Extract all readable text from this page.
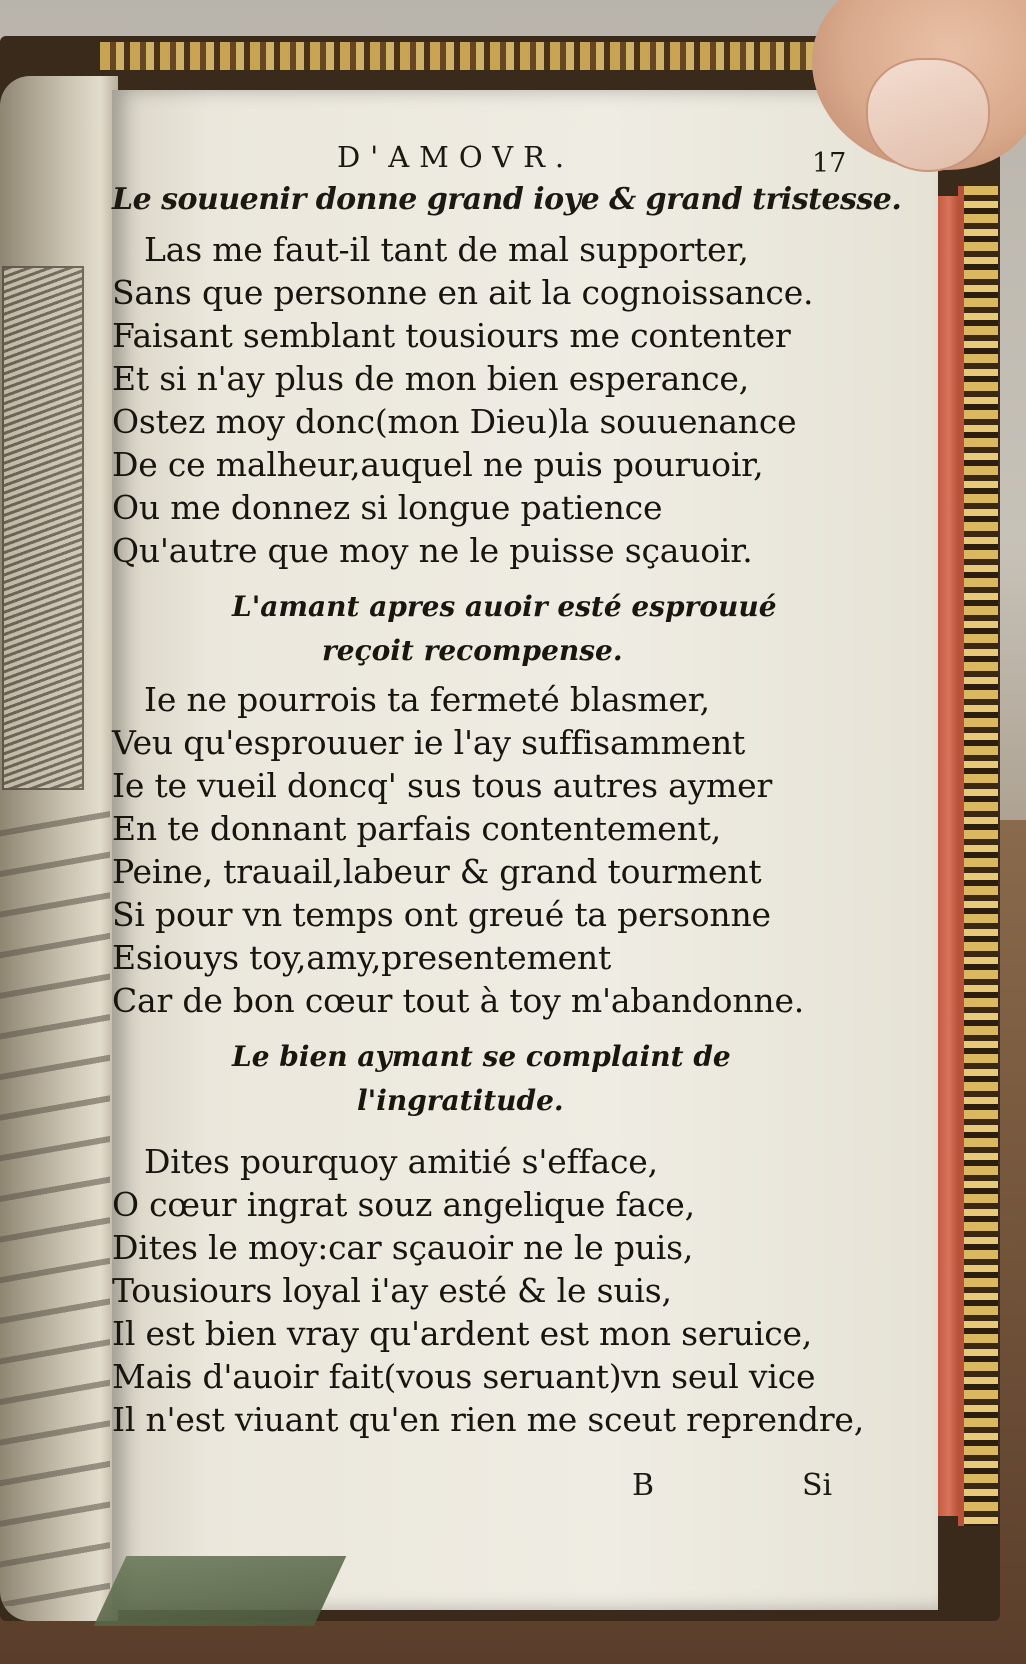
D'AMOVR.	17
Le souuenir donne grand ioye & grand tristesse.
Las me faut-il tant de mal supporter,
Sans que personne en ait la cognoissance.
Faisant semblant tousiours me contenter
Et si n'ay plus de mon bien esperance,
Ostez moy donc(mon Dieu)la souuenance
De ce malheur,auquel ne puis pouruoir,
Ou me donnez si longue patience
Qu'autre que moy ne le puisse sçauoir.
L'amant apres auoir esté esprouué
reçoit recompense.
Ie ne pourrois ta fermeté blasmer,
Veu qu'esprouuer ie l'ay suffisamment
Ie te vueil doncq' sus tous autres aymer
En te donnant parfais contentement,
Peine, trauail,labeur & grand tourment
Si pour vn temps ont greué ta personne
Esiouys toy,amy,presentement
Car de bon cœur tout à toy m'abandonne.
Le bien aymant se complaint de
l'ingratitude.
Dites pourquoy amitié s'efface,
O cœur ingrat souz angelique face,
Dites le moy:car sçauoir ne le puis,
Tousiours loyal i'ay esté & le suis,
Il est bien vray qu'ardent est mon seruice,
Mais d'auoir fait(vous seruant)vn seul vice
Il n'est viuant qu'en rien me sceut reprendre,
B	Si
